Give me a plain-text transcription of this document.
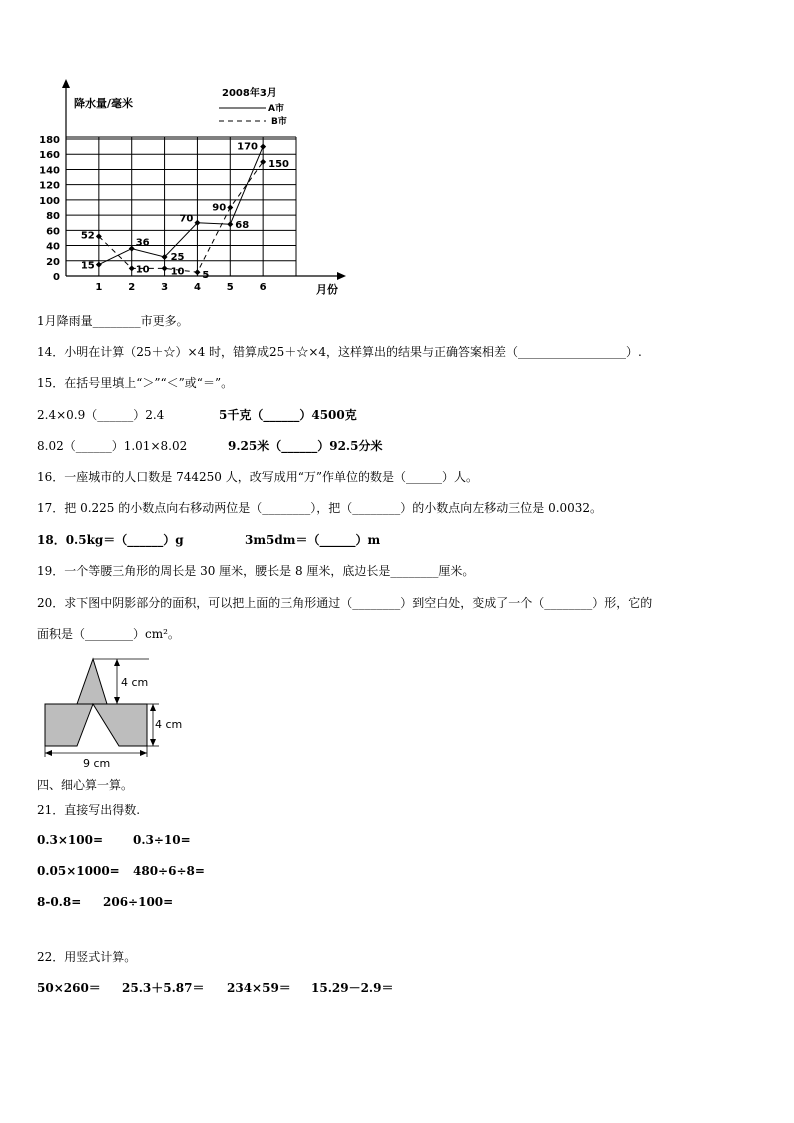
180
160
140
120
100
80
60
40
20
0
1	2	3	4	5	6
15
36
25
70
68
170
52
10 10 5
90
150
降水量/毫米
月份
2008年3月
A市
B市
1月降雨量________市更多。
14．小明在计算（25＋☆）×4 时，错算成25＋☆×4，这样算出的结果与正确答案相差（__________________）.
15．在括号里填上“＞”“＜”或“＝”。
2.4×0.9（______）2.4	5千克（______）4500克
8.02（______）1.01×8.02	9.25米（______）92.5分米
16．一座城市的人口数是 744250 人，改写成用“万”作单位的数是（______）人。
17．把 0.225 的小数点向右移动两位是（________），把（________）的小数点向左移动三位是 0.0032。
18．0.5kg＝（______）g	3m5dm＝（______）m
19．一个等腰三角形的周长是 30 厘米，腰长是 8 厘米，底边长是________厘米。
20．求下图中阴影部分的面积，可以把上面的三角形通过（________）到空白处，变成了一个（________）形，它的
面积是（________）cm²。
4 cm
4 cm
9 cm
四、细心算一算。
21．直接写出得数.
0.3×100= 0.3÷10=
0.05×1000= 480÷6÷8=
8-0.8= 206÷100=
22．用竖式计算。
50×260＝ 25.3＋5.87＝ 234×59＝ 15.29－2.9＝
